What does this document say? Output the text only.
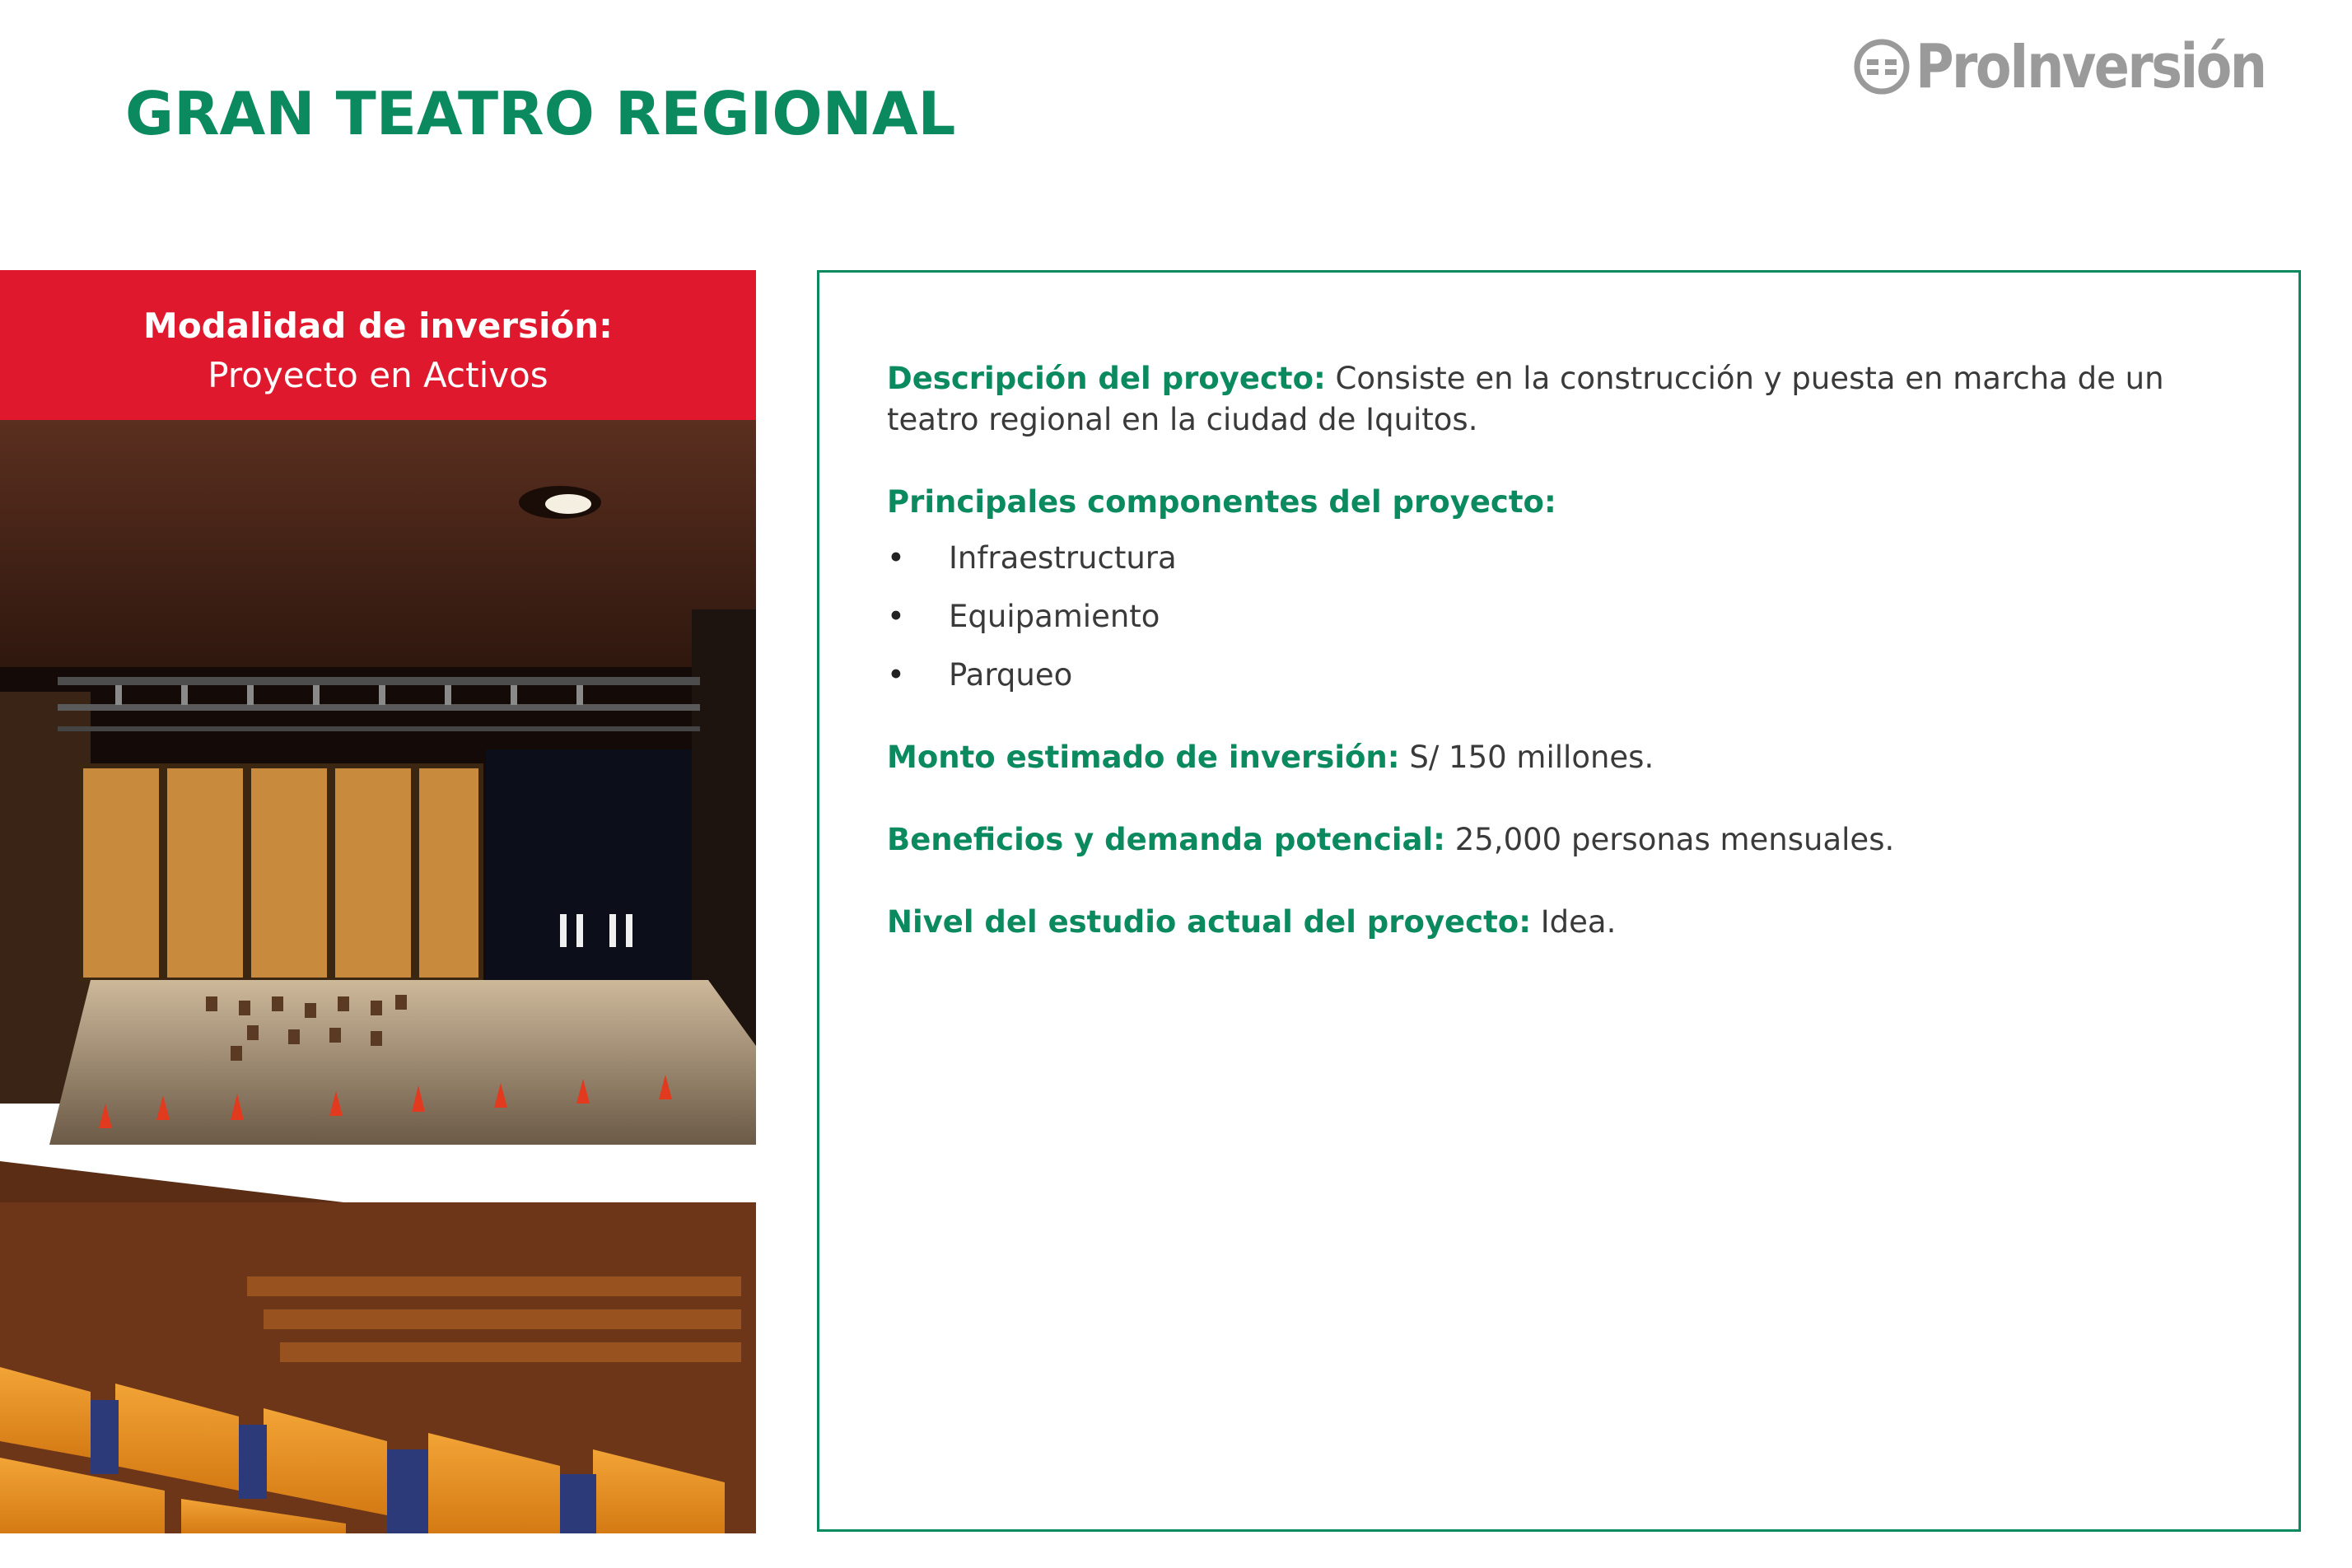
GRAN TEATRO REGIONAL
ProInversión
Modalidad de inversión:
Proyecto en Activos	Descripción del proyecto: Consiste en la construcción y puesta en marcha de un teatro regional en la ciudad de Iquitos.

Principales componentes del proyecto:

• Infraestructura
• Equipamiento
• Parqueo

Monto estimado de inversión: S/ 150 millones.

Beneficios y demanda potencial: 25,000 personas mensuales.

Nivel del estudio actual del proyecto: Idea.
